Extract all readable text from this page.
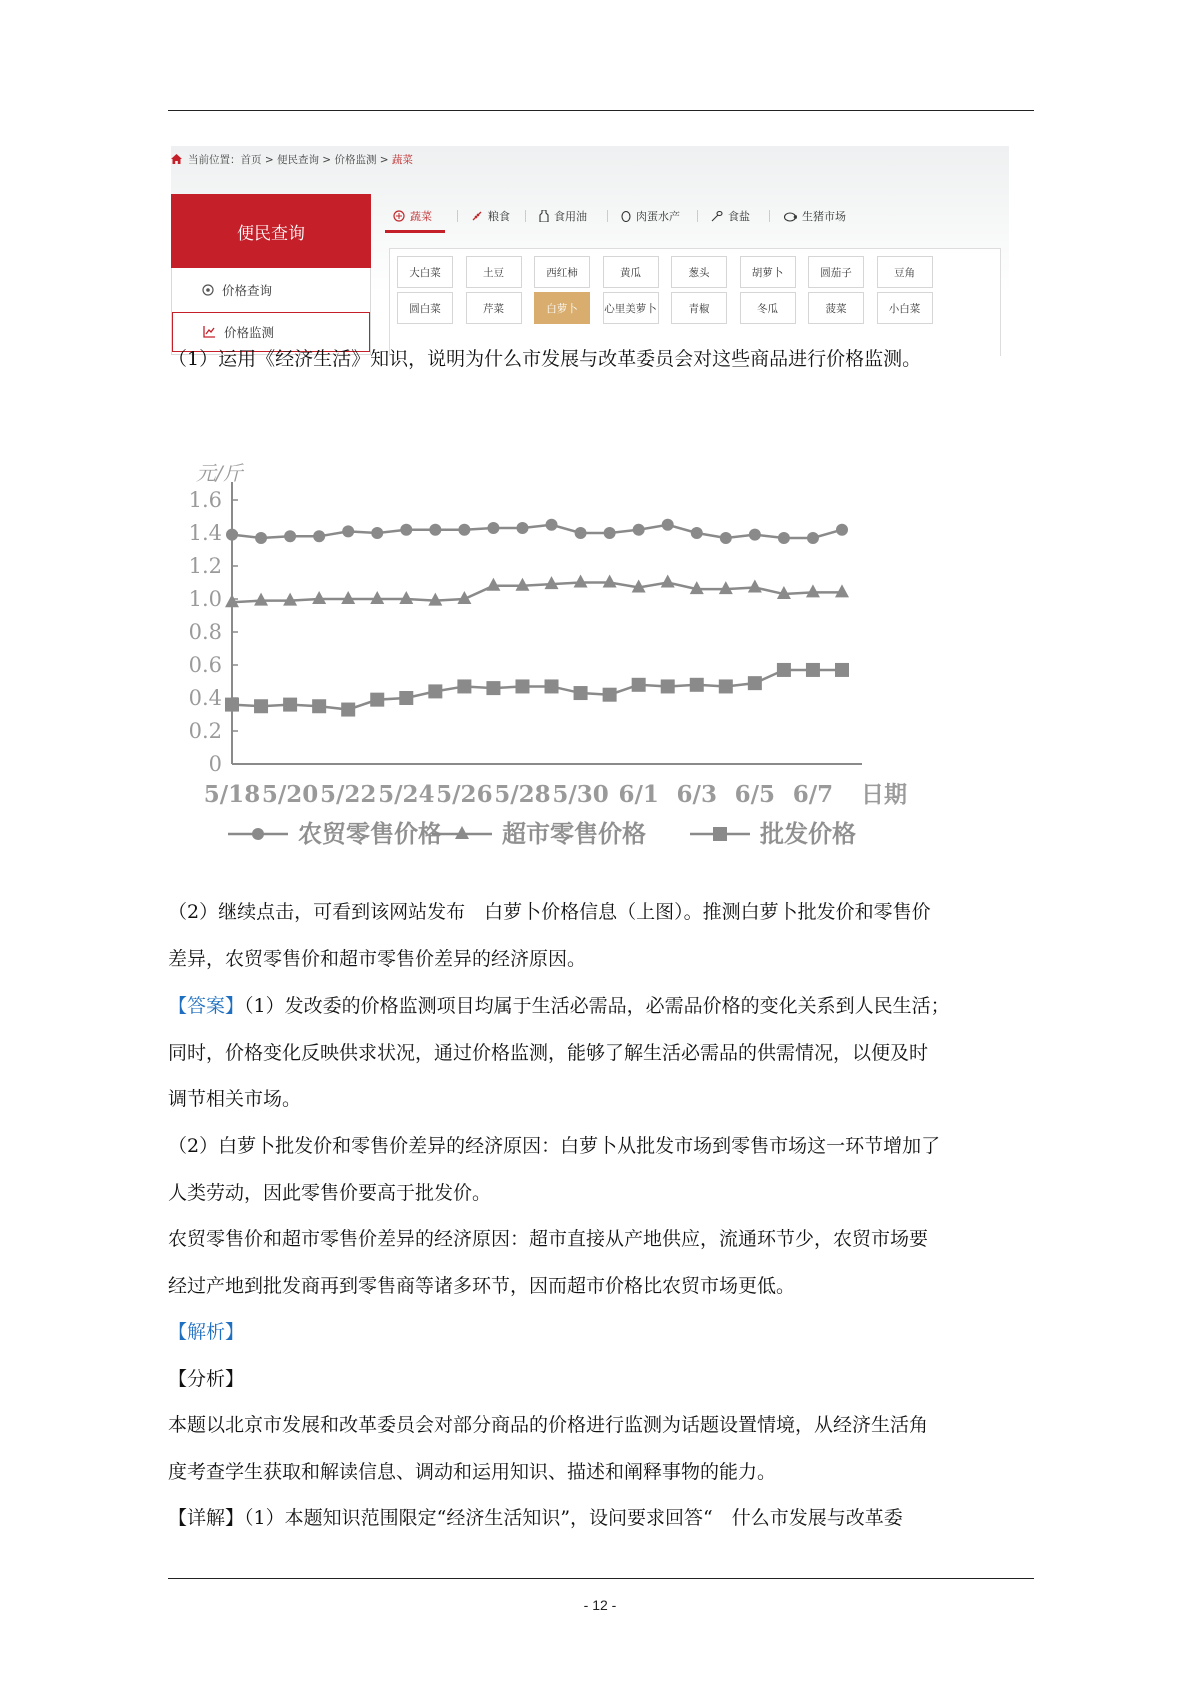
当前位置：首页 > 便民查询 > 价格监测 > 蔬菜
便民查询
价格查询
价格监测
蔬菜	粮食	食用油	肉蛋水产	食盐	生猪市场
大白菜	土豆	西红柿	黄瓜	葱头	胡萝卜	圆茄子	豆角
圆白菜	芹菜	白萝卜	心里美萝卜	青椒	冬瓜	菠菜	小白菜
（1）运用《经济生活》知识，说明为什么市发展与改革委员会对这些商品进行价格监测。
元/斤
0
0.2
0.4
0.6
0.8
1.0
1.2
1.4
1.6
5/18 5/20 5/22 5/24 5/26 5/28 5/30 6/1 6/3 6/5 6/7 日期
农贸零售价格	超市零售价格	批发价格
（2）继续点击，可看到该网站发布　白萝卜价格信息（上图）。推测白萝卜批发价和零售价
差异，农贸零售价和超市零售价差异的经济原因。
【答案】（1）发改委的价格监测项目均属于生活必需品，必需品价格的变化关系到人民生活；
同时，价格变化反映供求状况，通过价格监测，能够了解生活必需品的供需情况，以便及时
调节相关市场。
（2）白萝卜批发价和零售价差异的经济原因：白萝卜从批发市场到零售市场这一环节增加了
人类劳动，因此零售价要高于批发价。
农贸零售价和超市零售价差异的经济原因：超市直接从产地供应，流通环节少，农贸市场要
经过产地到批发商再到零售商等诸多环节，因而超市价格比农贸市场更低。
【解析】
【分析】
本题以北京市发展和改革委员会对部分商品的价格进行监测为话题设置情境，从经济生活角
度考查学生获取和解读信息、调动和运用知识、描述和阐释事物的能力。
【详解】（1）本题知识范围限定“经济生活知识”，设问要求回答“　什么市发展与改革委
- 12 -
